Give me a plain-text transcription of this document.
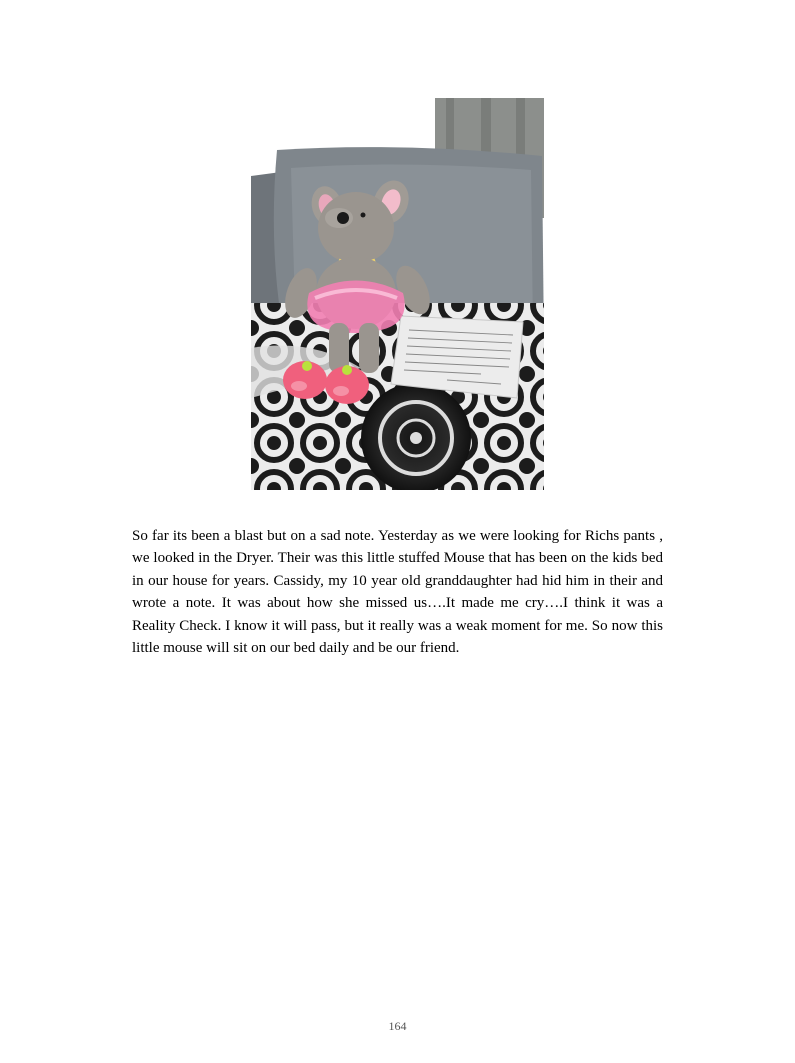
So far its been a blast but on a sad note. Yesterday as we were looking for Richs pants , we looked in the Dryer. Their was this little stuffed Mouse that has been on the kids bed in our house for years. Cassidy, my 10 year old granddaughter had hid him in their and wrote a note. It was about how she missed us….It made me cry….I think it was a Reality Check. I know it will pass, but it really was a weak moment for me. So now this little mouse will sit on our bed daily and be our friend.

164
